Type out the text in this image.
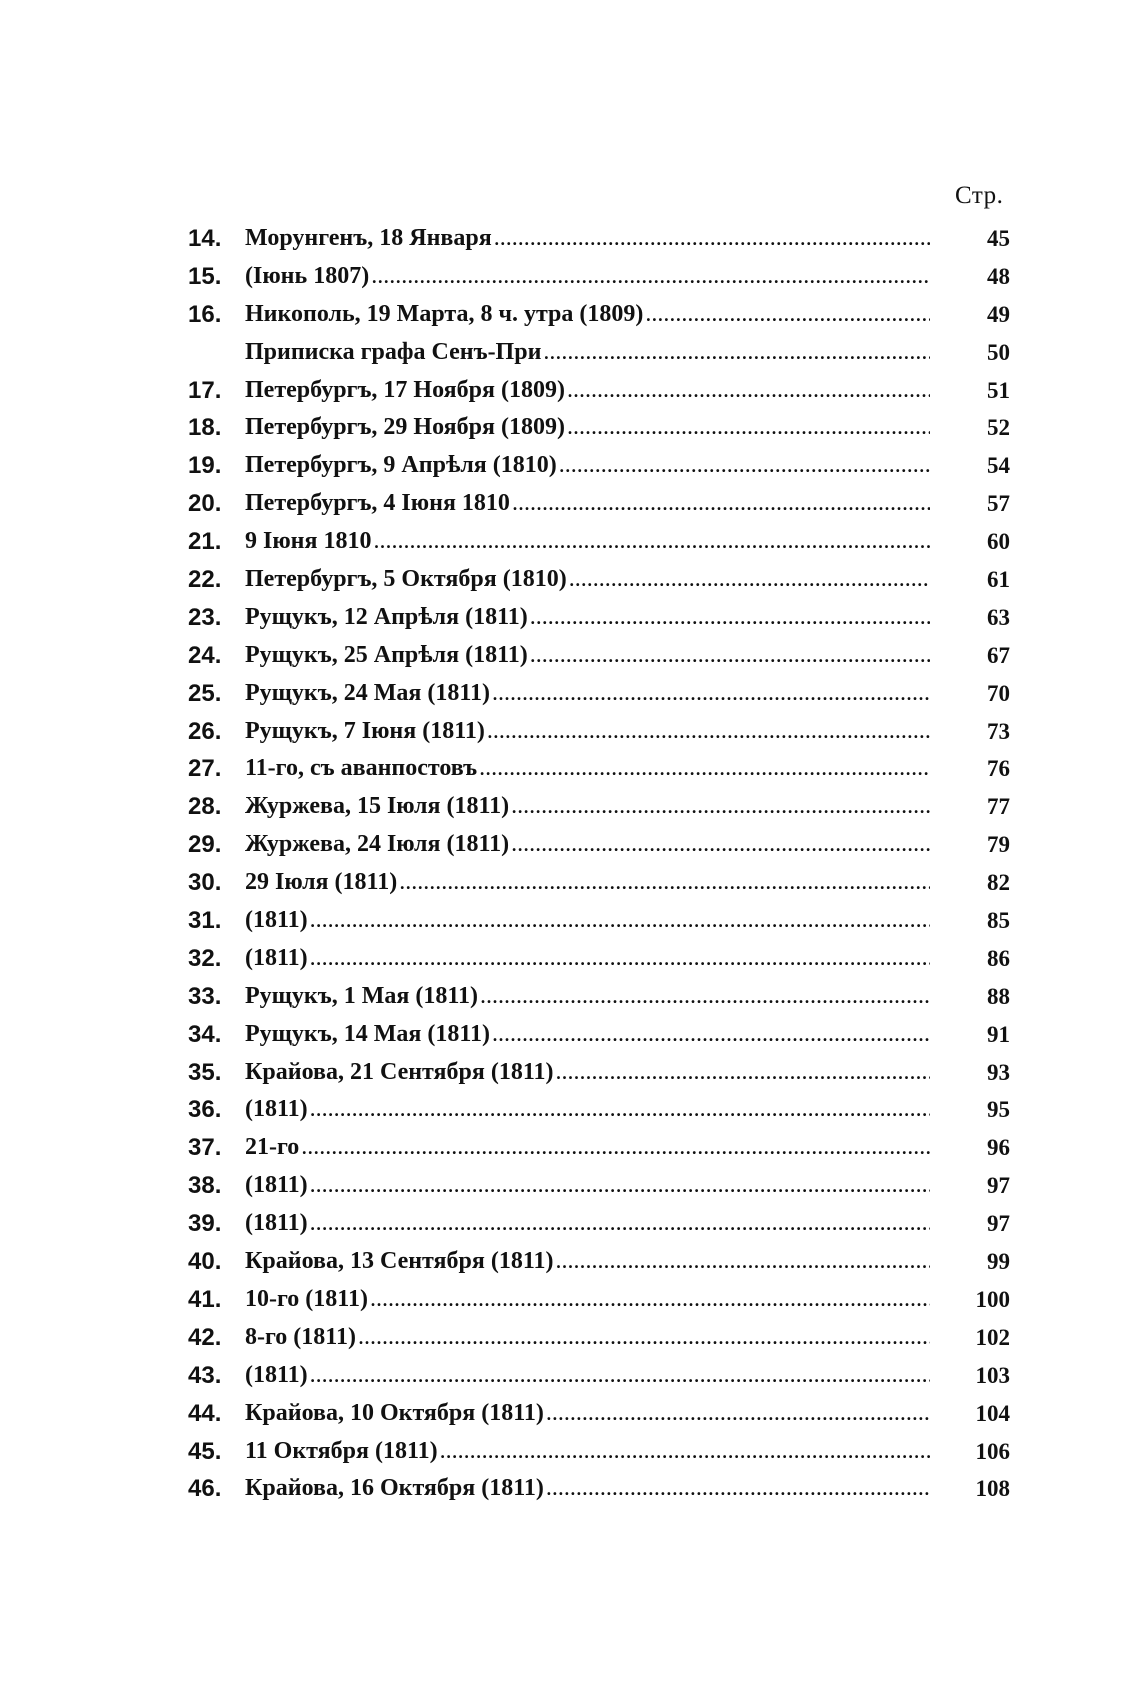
Стр.
14. Морунгенъ, 18 Января . . .	45
15. (Іюнь 1807) . . .	48
16. Никополь, 19 Марта, 8 ч. утра (1809) . . .	49
Приписка графа Сенъ-При . . .	50
17. Петербургъ, 17 Ноября (1809) . . .	51
18. Петербургъ, 29 Ноября (1809) . . .	52
19. Петербургъ, 9 Апрѣля (1810) . . .	54
20. Петербургъ, 4 Іюня 1810 . . .	57
21. 9 Іюня 1810 . . .	60
22. Петербургъ, 5 Октября (1810) . . .	61
23. Рущукъ, 12 Апрѣля (1811) . . .	63
24. Рущукъ, 25 Апрѣля (1811) . . .	67
25. Рущукъ, 24 Мая (1811) . . .	70
26. Рущукъ, 7 Іюня (1811) . . .	73
27. 11-го, съ аванпостовъ . . .	76
28. Журжева, 15 Іюля (1811) . . .	77
29. Журжева, 24 Іюля (1811) . . .	79
30. 29 Іюля (1811) . . .	82
31. (1811) . . .	85
32. (1811) . . .	86
33. Рущукъ, 1 Мая (1811) . . .	88
34. Рущукъ, 14 Мая (1811) . . .	91
35. Крайова, 21 Сентября (1811) . . .	93
36. (1811) . . .	95
37. 21-го . . .	96
38. (1811) . . .	97
39. (1811) . . .	97
40. Крайова, 13 Сентября (1811) . . .	99
41. 10-го (1811) . . .	100
42. 8-го (1811) . . .	102
43. (1811) . . .	103
44. Крайова, 10 Октября (1811) . . .	104
45. 11 Октября (1811) . . .	106
46. Крайова, 16 Октября (1811) . . .	108
